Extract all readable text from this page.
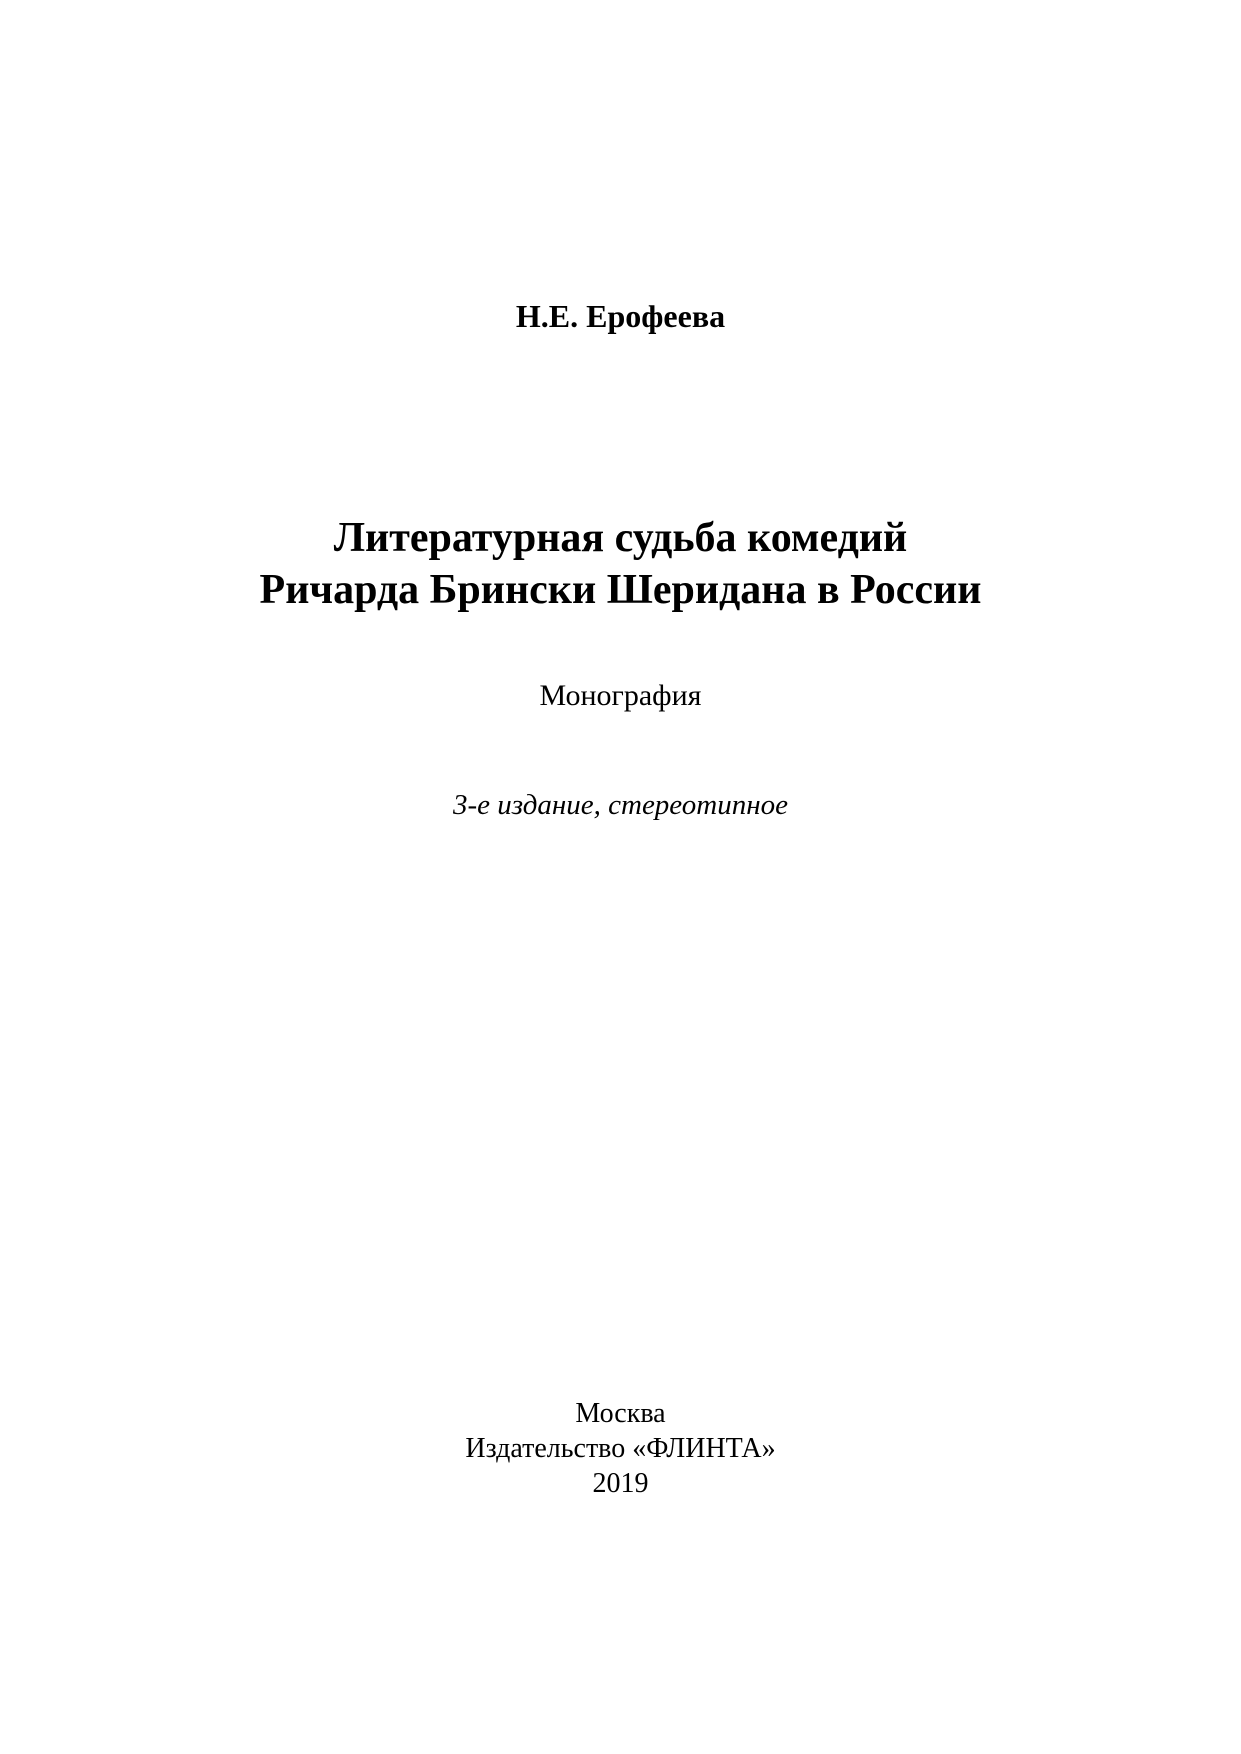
Н.Е. Ерофеева
Литературная судьба комедий
Ричарда Брински Шеридана в России
Монография
3-е издание, стереотипное
Москва
Издательство «ФЛИНТА»
2019
